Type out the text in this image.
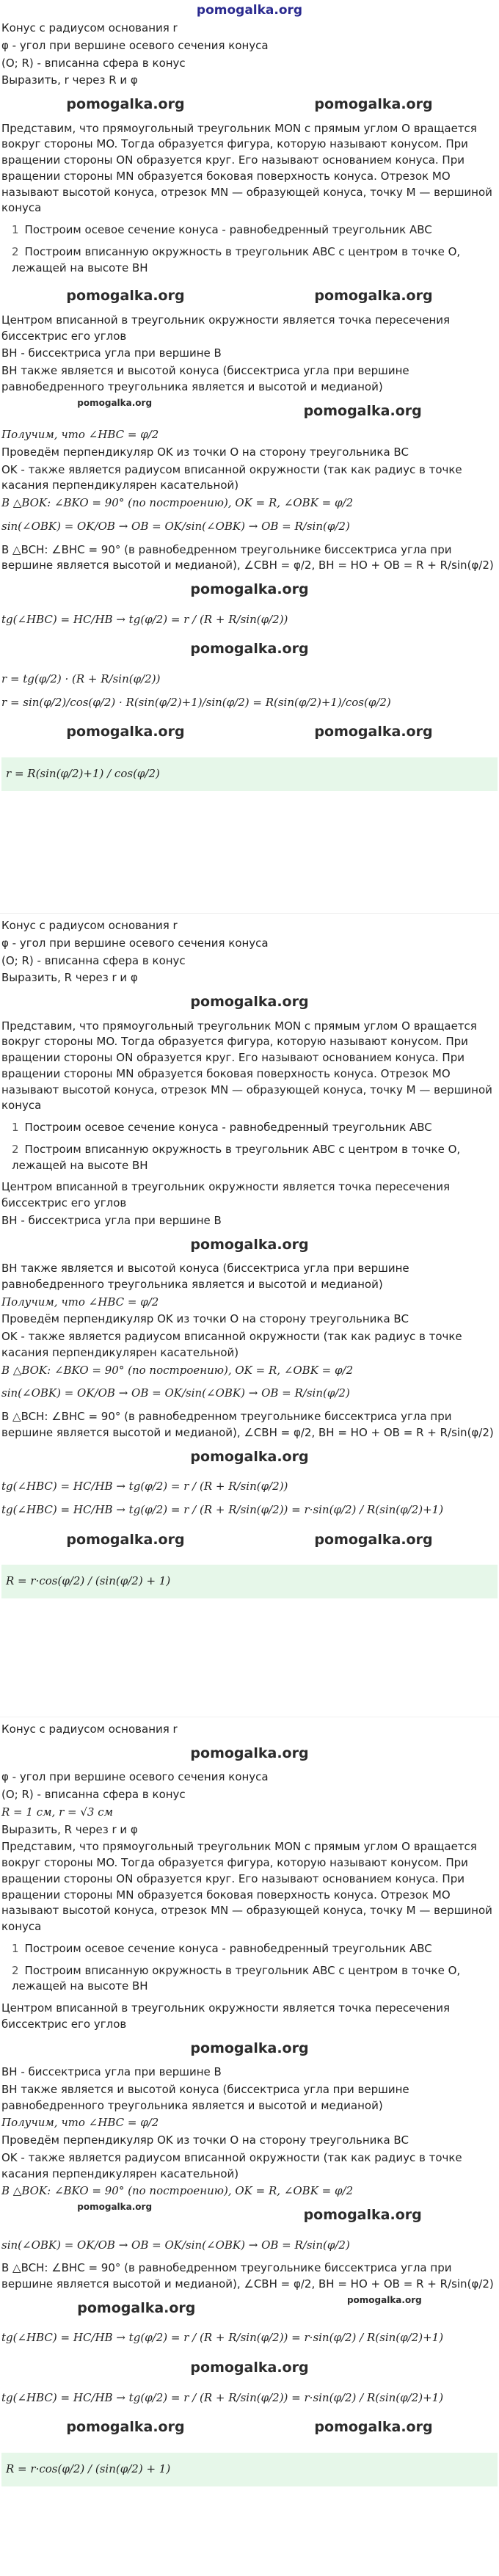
pomogalka.org
Конус с радиусом основания r
φ - угол при вершине осевого сечения конуса
(O; R) - вписанна сфера в конус
Выразить, r через R и φ
pomogalka.org	pomogalka.org
Представим, что прямоугольный треугольник MON с прямым углом O вращается вокруг стороны MO. Тогда образуется фигура, которую называют конусом. При вращении стороны ON образуется круг. Его называют основанием конуса. При вращении стороны MN образуется боковая поверхность конуса. Отрезок MO называют высотой конуса, отрезок MN — образующей конуса, точку M — вершиной конуса
1 Построим осевое сечение конуса - равнобедренный треугольник ABC
2 Построим вписанную окружность в треугольник ABC с центром в точке O, лежащей на высоте BH
pomogalka.org	pomogalka.org
Центром вписанной в треугольник окружности является точка пересечения биссектрис его углов
BH - биссектриса угла при вершине B
BH также является и высотой конуса (биссектриса угла при вершине равнобедренного треугольника является и высотой и медианой)
pomogalka.org	pomogalka.org
Получим, что ∠HBC = φ/2
Проведём перпендикуляр OK из точки O на сторону треугольника BC
OK - также является радиусом вписанной окружности (так как радиус в точке касания перпендикулярен касательной)
В △BOK: ∠BKO = 90° (по построению), OK = R, ∠OBK = φ/2
sin(∠OBK) = OK/OB → OB = OK/sin(∠OBK) → OB = R/sin(φ/2)
В △BCH: ∠BHC = 90° (в равнобедренном треугольнике биссектриса угла при вершине является высотой и медианой), ∠CBH = φ/2, BH = HO + OB = R + R/sin(φ/2)
pomogalka.org
tg(∠HBC) = HC/HB → tg(φ/2) = r / (R + R/sin(φ/2))
pomogalka.org
r = tg(φ/2) · (R + R/sin(φ/2))
r = sin(φ/2)/cos(φ/2) · R(sin(φ/2)+1)/sin(φ/2) = R(sin(φ/2)+1)/cos(φ/2)
pomogalka.org	pomogalka.org
r = R(sin(φ/2)+1) / cos(φ/2)
Конус с радиусом основания r
φ - угол при вершине осевого сечения конуса
(O; R) - вписанна сфера в конус
Выразить, R через r и φ
pomogalka.org
Представим, что прямоугольный треугольник MON с прямым углом O вращается вокруг стороны MO. Тогда образуется фигура, которую называют конусом. При вращении стороны ON образуется круг. Его называют основанием конуса. При вращении стороны MN образуется боковая поверхность конуса. Отрезок MO называют высотой конуса, отрезок MN — образующей конуса, точку M — вершиной конуса
1 Построим осевое сечение конуса - равнобедренный треугольник ABC
2 Построим вписанную окружность в треугольник ABC с центром в точке O, лежащей на высоте BH
Центром вписанной в треугольник окружности является точка пересечения биссектрис его углов
BH - биссектриса угла при вершине B
pomogalka.org
BH также является и высотой конуса (биссектриса угла при вершине равнобедренного треугольника является и высотой и медианой)
Получим, что ∠HBC = φ/2
Проведём перпендикуляр OK из точки O на сторону треугольника BC
OK - также является радиусом вписанной окружности (так как радиус в точке касания перпендикулярен касательной)
В △BOK: ∠BKO = 90° (по построению), OK = R, ∠OBK = φ/2
sin(∠OBK) = OK/OB → OB = OK/sin(∠OBK) → OB = R/sin(φ/2)
В △BCH: ∠BHC = 90° (в равнобедренном треугольнике биссектриса угла при вершине является высотой и медианой), ∠CBH = φ/2, BH = HO + OB = R + R/sin(φ/2)
pomogalka.org
tg(∠HBC) = HC/HB → tg(φ/2) = r / (R + R/sin(φ/2))
tg(∠HBC) = HC/HB → tg(φ/2) = r / (R + R/sin(φ/2)) = r·sin(φ/2) / R(sin(φ/2)+1)
pomogalka.org	pomogalka.org
R = r·cos(φ/2) / (sin(φ/2) + 1)
Конус с радиусом основания r
pomogalka.org
φ - угол при вершине осевого сечения конуса
(O; R) - вписанна сфера в конус
R = 1 см, r = √3 см
Выразить, R через r и φ
Представим, что прямоугольный треугольник MON с прямым углом O вращается вокруг стороны MO. Тогда образуется фигура, которую называют конусом. При вращении стороны ON образуется круг. Его называют основанием конуса. При вращении стороны MN образуется боковая поверхность конуса. Отрезок MO называют высотой конуса, отрезок MN — образующей конуса, точку M — вершиной конуса
1 Построим осевое сечение конуса - равнобедренный треугольник ABC
2 Построим вписанную окружность в треугольник ABC с центром в точке O, лежащей на высоте BH
Центром вписанной в треугольник окружности является точка пересечения биссектрис его углов
pomogalka.org
BH - биссектриса угла при вершине B
BH также является и высотой конуса (биссектриса угла при вершине равнобедренного треугольника является и высотой и медианой)
Получим, что ∠HBC = φ/2
Проведём перпендикуляр OK из точки O на сторону треугольника BC
OK - также является радиусом вписанной окружности (так как радиус в точке касания перпендикулярен касательной)
В △BOK: ∠BKO = 90° (по построению), OK = R, ∠OBK = φ/2
pomogalka.org	pomogalka.org
sin(∠OBK) = OK/OB → OB = OK/sin(∠OBK) → OB = R/sin(φ/2)
В △BCH: ∠BHC = 90° (в равнобедренном треугольнике биссектриса угла при вершине является высотой и медианой), ∠CBH = φ/2, BH = HO + OB = R + R/sin(φ/2)
pomogalka.org	pomogalka.org
tg(∠HBC) = HC/HB → tg(φ/2) = r / (R + R/sin(φ/2)) = r·sin(φ/2) / R(sin(φ/2)+1)
pomogalka.org
tg(∠HBC) = HC/HB → tg(φ/2) = r / (R + R/sin(φ/2)) = r·sin(φ/2) / R(sin(φ/2)+1)
pomogalka.org	pomogalka.org
R = r·cos(φ/2) / (sin(φ/2) + 1)
